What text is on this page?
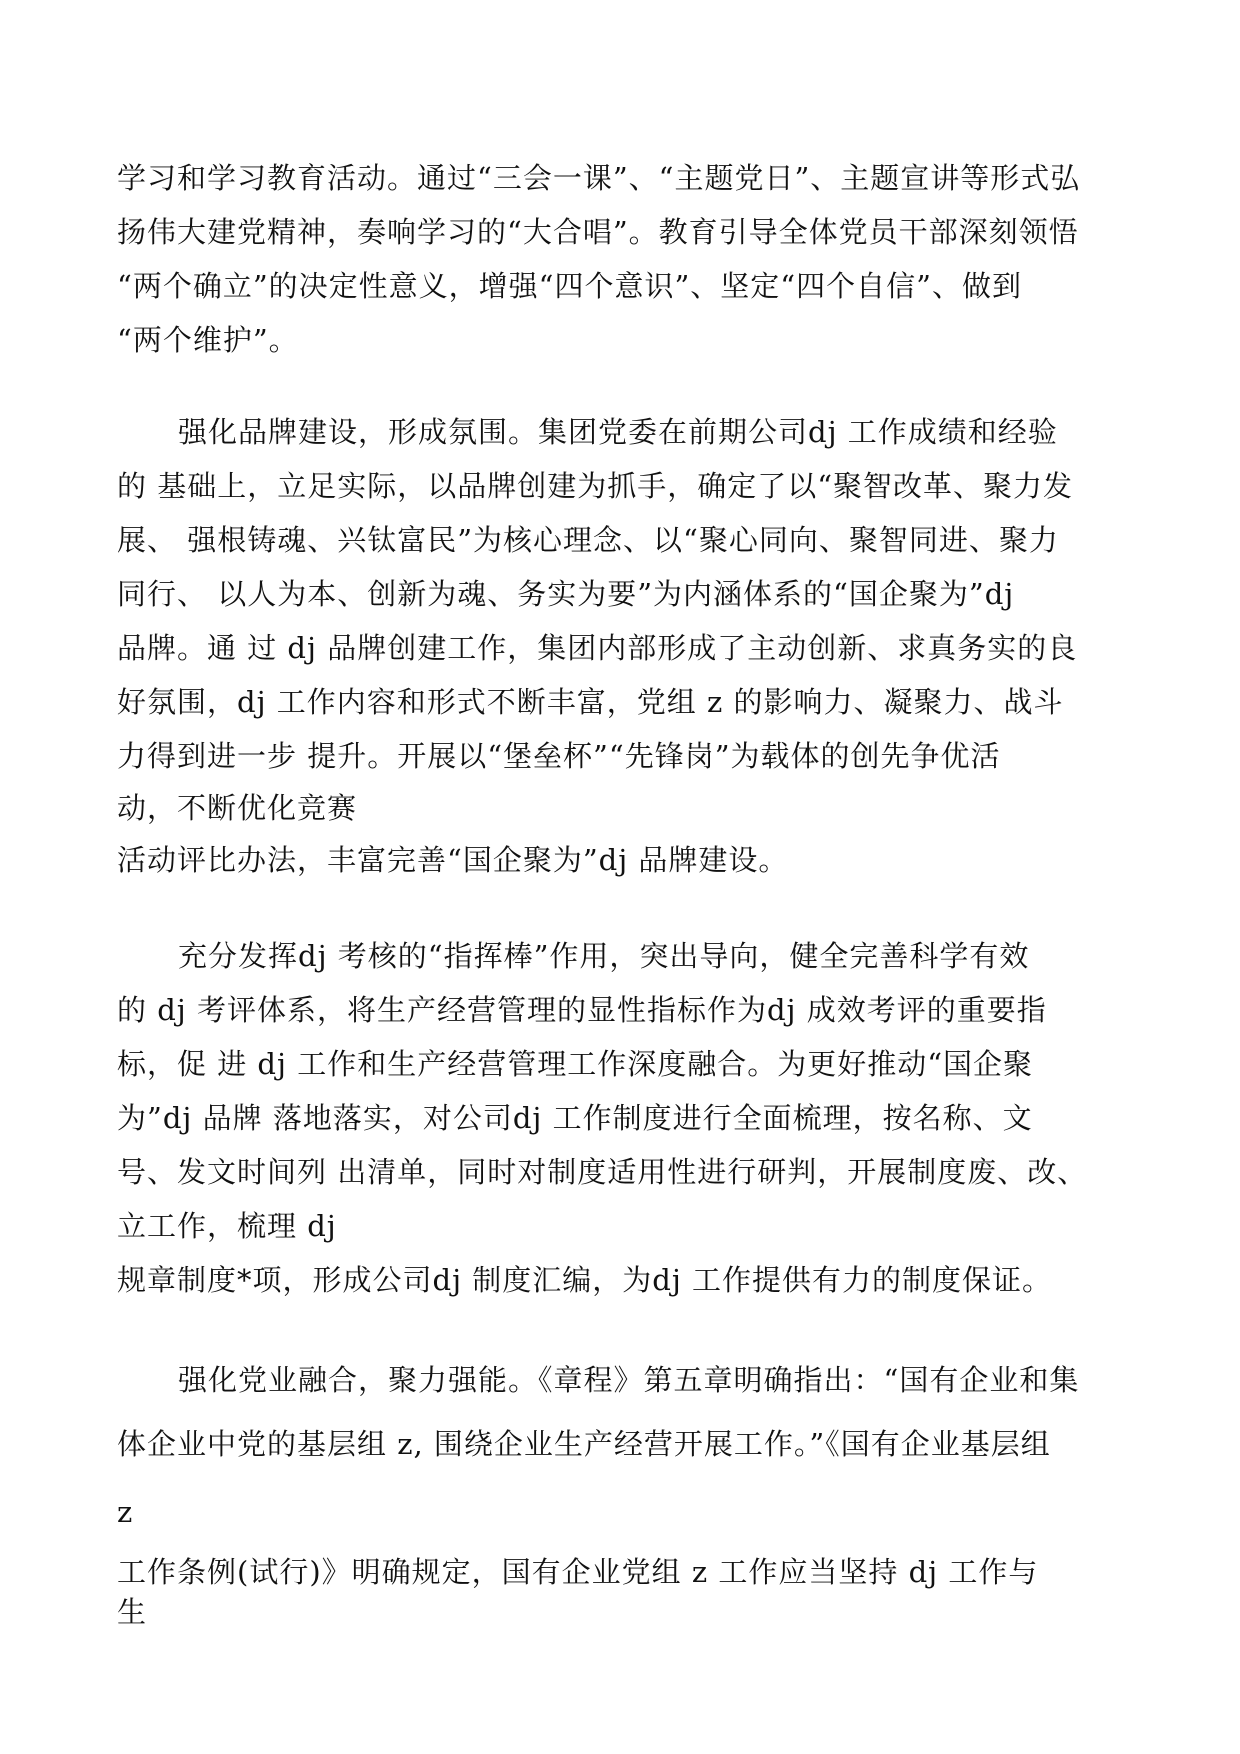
学习和学习教育活动。通过“三会一课”、“主题党日”、主题宣讲等形式弘
扬伟大建党精神，奏响学习的“大合唱”。教育引导全体党员干部深刻领悟
“两个确立”的决定性意义，增强“四个意识”、坚定“四个自信”、做到
“两个维护”。
强化品牌建设，形成氛围。集团党委在前期公司dj 工作成绩和经验
的 基础上，立足实际，以品牌创建为抓手，确定了以“聚智改革、聚力发
展、 强根铸魂、兴钛富民”为核心理念、以“聚心同向、聚智同进、聚力
同行、 以人为本、创新为魂、务实为要”为内涵体系的“国企聚为”dj
品牌。通 过 dj 品牌创建工作，集团内部形成了主动创新、求真务实的良
好氛围，dj 工作内容和形式不断丰富，党组 z 的影响力、凝聚力、战斗
力得到进一步 提升。开展以“堡垒杯”“先锋岗”为载体的创先争优活
动，不断优化竞赛
活动评比办法，丰富完善“国企聚为”dj 品牌建设。
充分发挥dj 考核的“指挥棒”作用，突出导向，健全完善科学有效
的 dj 考评体系，将生产经营管理的显性指标作为dj 成效考评的重要指
标，促 进 dj 工作和生产经营管理工作深度融合。为更好推动“国企聚
为”dj 品牌 落地落实，对公司dj 工作制度进行全面梳理，按名称、文
号、发文时间列 出清单，同时对制度适用性进行研判，开展制度废、改、
立工作，梳理 dj
规章制度*项，形成公司dj 制度汇编，为dj 工作提供有力的制度保证。
强化党业融合，聚力强能。《章程》第五章明确指出：“国有企业和集
体企业中党的基层组 z, 围绕企业生产经营开展工作。”《国有企业基层组
z
工作条例(试行)》明确规定，国有企业党组 z 工作应当坚持 dj 工作与
生
